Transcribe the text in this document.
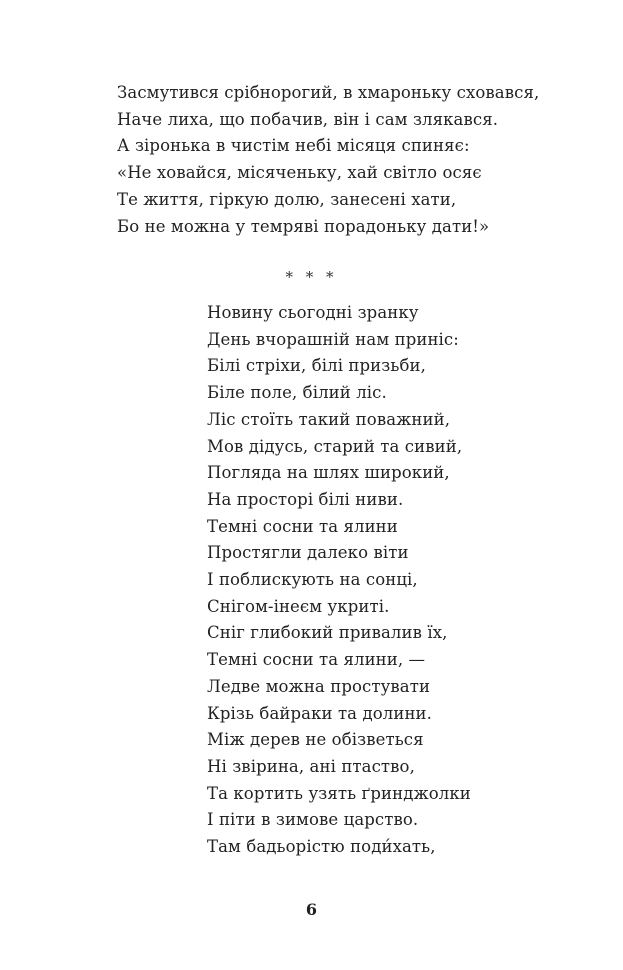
Засмутився срібнорогий, в хмароньку сховався,
Наче лиха, що побачив, він і сам злякався.
А зіронька в чистім небі місяця спиняє:
«Не ховайся, місяченьку, хай світло осяє
Те життя, гіркую долю, занесені хати,
Бо не можна у темряві порадоньку дати!»
* * *
Новину сьогодні зранку
День вчорашній нам приніс:
Білі стріхи, білі призьби,
Біле поле, білий ліс.
Ліс стоїть такий поважний,
Мов дідусь, старий та сивий,
Погляда на шлях широкий,
На просторі білі ниви.
Темні сосни та ялини
Простягли далеко віти
І поблискують на сонці,
Снігом-інеєм укриті.
Сніг глибокий привалив їх,
Темні сосни та ялини, —
Ледве можна простувати
Крізь байраки та долини.
Між дерев не обізветься
Ні звірина, ані птаство,
Та кортить узять ґринджолки
І піти в зимове царство.
Там бадьорістю поди́хать,
6
